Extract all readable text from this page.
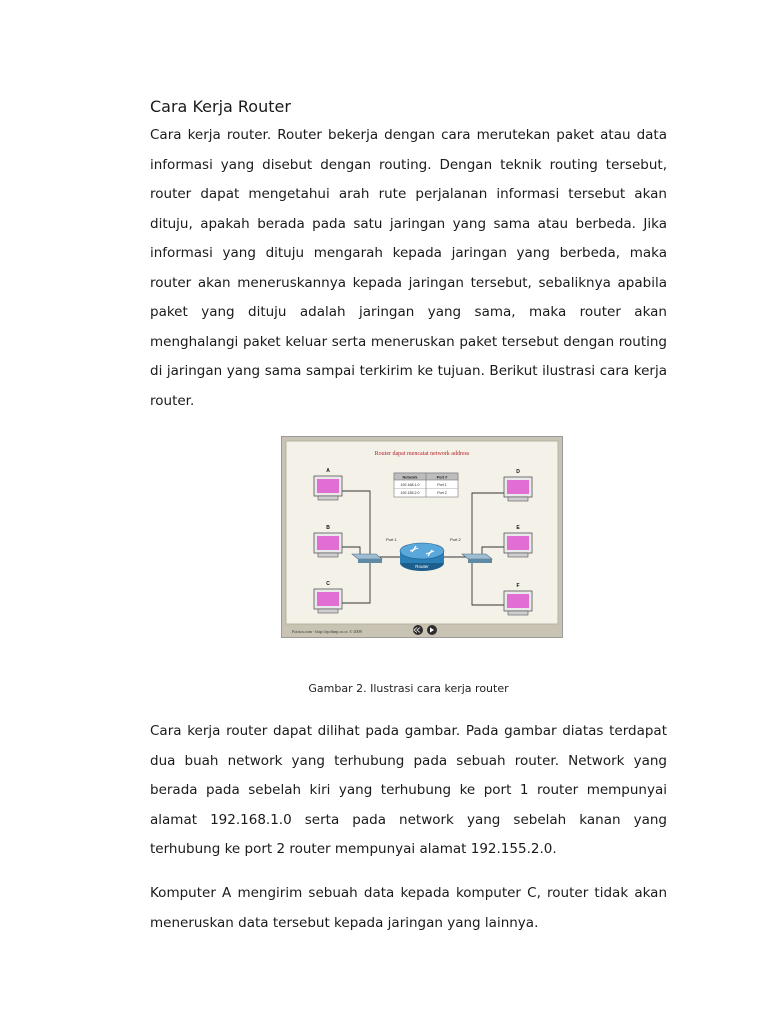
Cara Kerja Router

Cara kerja router. Router bekerja dengan cara merutekan paket atau data informasi yang disebut dengan routing. Dengan teknik routing tersebut, router dapat mengetahui arah rute perjalanan informasi tersebut akan dituju, apakah berada pada satu jaringan yang sama atau berbeda. Jika informasi yang dituju mengarah kepada jaringan yang berbeda, maka router akan meneruskannya kepada jaringan tersebut, sebaliknya apabila paket yang dituju adalah jaringan yang sama, maka router akan menghalangi paket keluar serta meneruskan paket tersebut dengan routing di jaringan yang sama sampai terkirim ke tujuan. Berikut ilustrasi cara kerja router.

Router dapat mencatat network address
Network	Port #
192.168.1.0	Port 1
192.155.2.0	Port 2
Port 1	Port 2
Router
A
B
C
D
E
F
Fotiwa.com - http://ajofimp.co.cc © 2009

Gambar 2. Ilustrasi cara kerja router

Cara kerja router dapat dilihat pada gambar. Pada gambar diatas terdapat dua buah network yang terhubung pada sebuah router. Network yang berada pada sebelah kiri yang terhubung ke port 1 router mempunyai alamat 192.168.1.0 serta pada network yang sebelah kanan yang terhubung ke port 2 router mempunyai alamat 192.155.2.0.

Komputer A mengirim sebuah data kepada komputer C, router tidak akan meneruskan data tersebut kepada jaringan yang lainnya.
